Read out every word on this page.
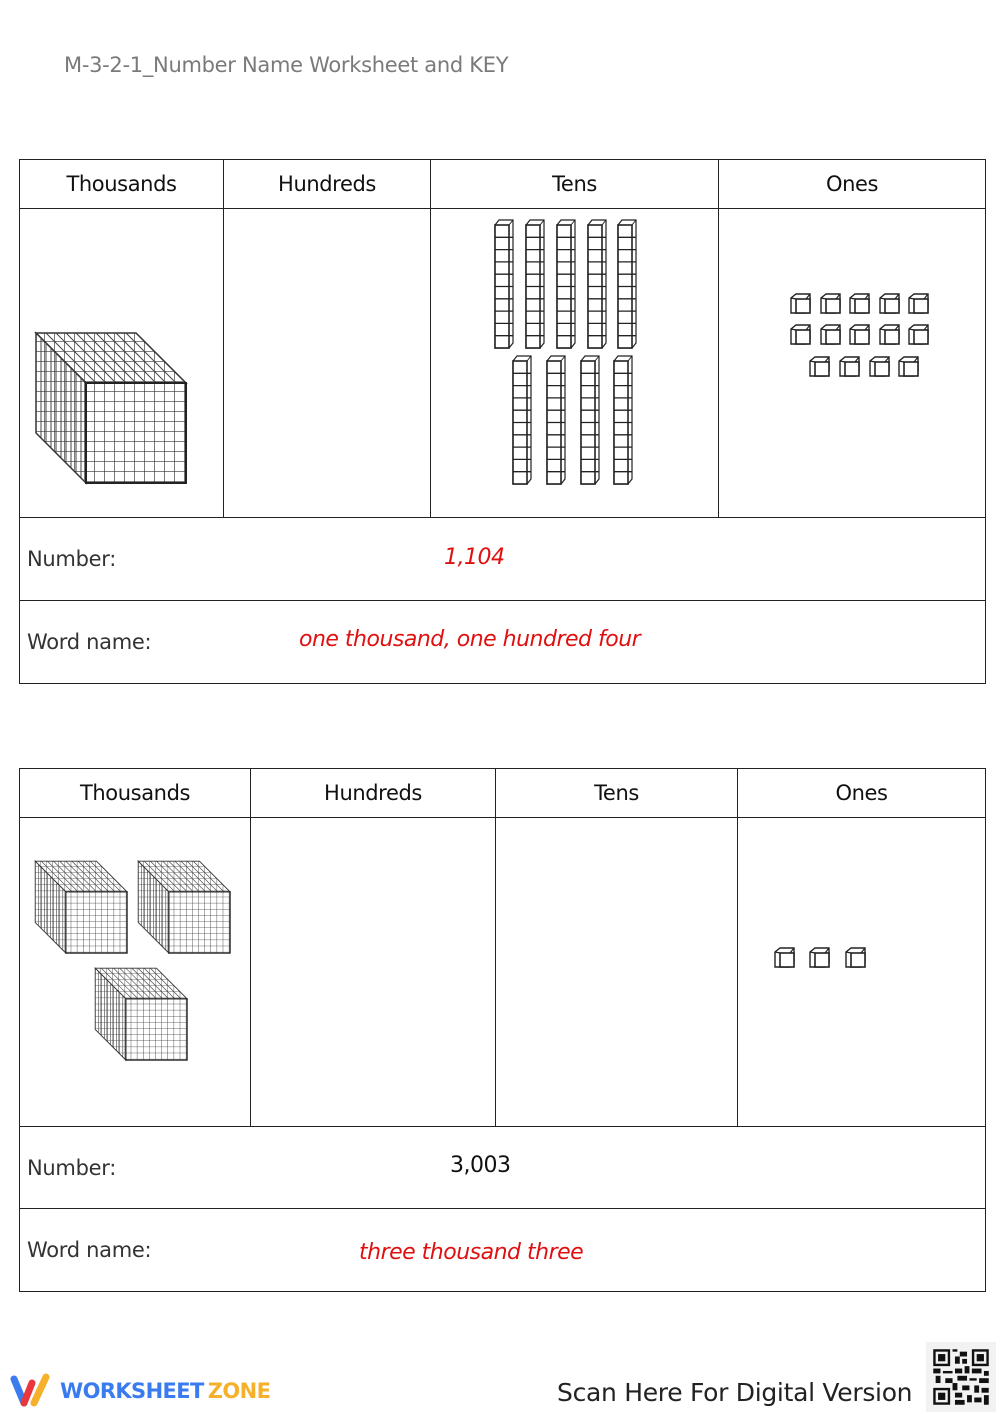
M-3-2-1_Number Name Worksheet and KEY
Thousands	Hundreds	Tens	Ones
Number:	1,104
Word name:	one thousand, one hundred four
Thousands	Hundreds	Tens	Ones
Number:	3,003
Word name:	three thousand three
WORKSHEET ZONE	Scan Here For Digital Version
